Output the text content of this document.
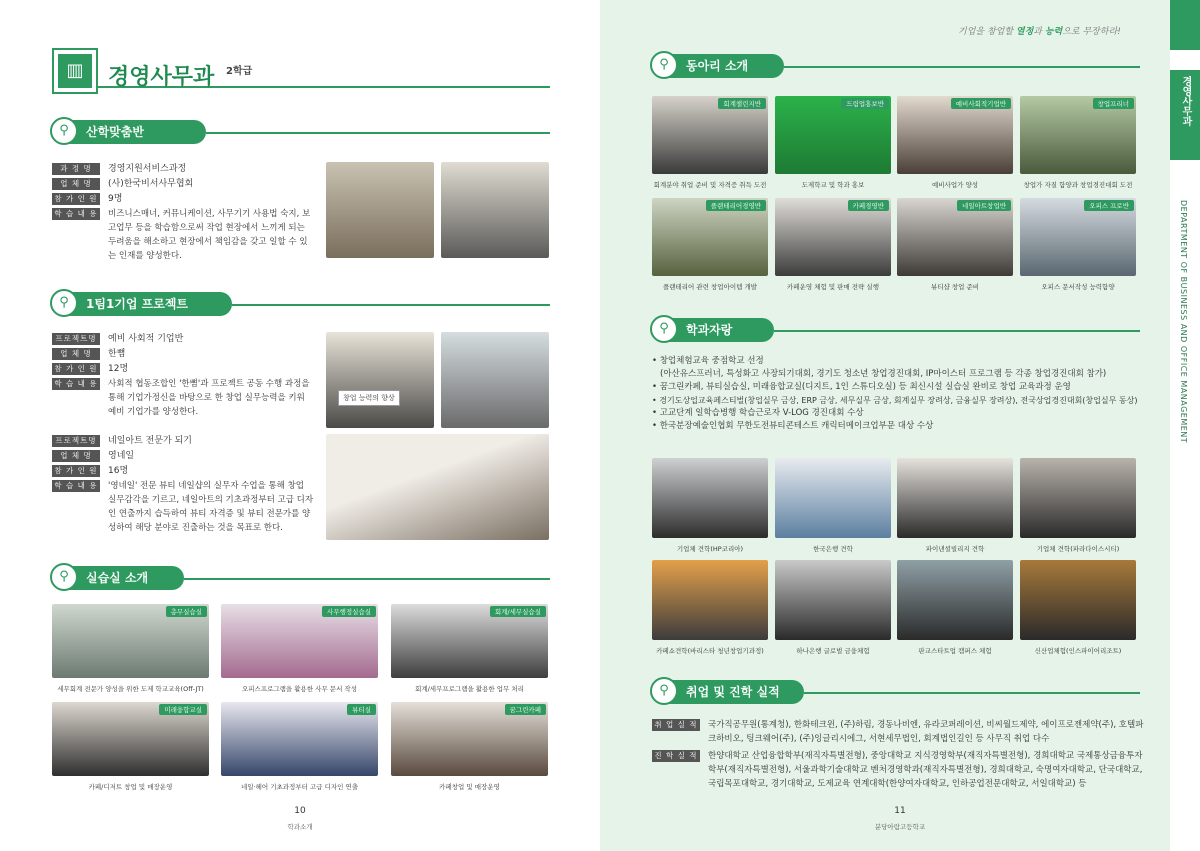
▥	경영사무과 2학급
⚲	산학맞춤반
과 정 명	경영지원서비스과정
업 체 명	(사)한국비서사무협회
참 가 인 원 9명
학 습 내 용 비즈니스매너, 커뮤니케이션, 사무기기 사용법 숙지, 보고업무 등을 학습함으로써 작업 현장에서 느끼게 되는 두려움을 해소하고 현장에서 책임감을 갖고 일할 수 있는 인재를 양성한다.
⚲	1팀1기업 프로젝트
프로젝트명	예비 사회적 기업반
업 체 명	한뼘
참 가 인 원 12명
학 습 내 용 사회적 협동조합인 '한뼘'과 프로젝트 공동 수행 과정을 통해 기업가정신을 바탕으로 한 창업 실무능력을 키워 예비 기업가를 양성한다.
프로젝트명	네일아트 전문가 되기
업 체 명	영네일
참 가 인 원 16명
학 습 내 용 '영네일' 전문 뷰티 네일샵의 실무자 수업을 통해 창업 실무감각을 기르고, 네일아트의 기초과정부터 고급 디자인 연출까지 습득하여 뷰티 자격증 및 뷰티 전문가를 양성하여 해당 분야로 진출하는 것을 목표로 한다.
창업 능력의 향상
⚲	실습실 소개
총무실습실	사무행정실습실	회계/세무실습실
세무회계 전문가 양성을 위한 도제 학교교육(Off-JT)	오피스프로그램을 활용한 사무 문서 작성	회계/세무프로그램을 활용한 업무 처리
미래융합교실	뷰티실	꿈그린카페
카페/디저트 창업 및 매장운영	네일·헤어 기초과정부터 고급 디자인 연출	카페창업 및 매장운영
10
학과소개
⚲	동아리 소개
회계챌린지반	드림업홍보반	예비사회적기업반	창업프리너
회계분야 취업 준비 및 자격증 취득 도전	도제학교 및 학과 홍보	예비사업가 양성	창업가 자질 함양과 창업경진대회 도전
플랜테리어경영반	카페경영반	네일아트창업반	오피스 프로반
플랜테리어 관련 창업아이템 개발	카페운영 체험 및 판매 전략 실행	뷰티샵 창업 준비	오피스 문서작성 능력함양
⚲	학과자랑
• 창업체험교육 중점학교 선정
(아산유스프러너, 특성화고 사장되기대회, 경기도 청소년 창업경진대회, IP마이스터 프로그램 등 각종 창업경진대회 참가)
• 꿈그린카페, 뷰티실습실, 미래융합교실(디지트, 1인 스튜디오실) 등 최신시설 실습실 완비로 창업 교육과정 운영
• 경기도상업교육페스티벌(창업실무 금상, ERP 금상, 세무실무 금상, 회계실무 장려상, 금융실무 장려상), 전국상업경진대회(창업실무 동상)
• 고교단계 일학습병행 학습근로자 V-LOG 경진대회 수상
• 한국분장예술인협회 무한도전뷰티콘테스트 캐릭터메이크업부문 대상 수상
기업체 견학(HP코리아)	한국은행 견학	파이낸셜빌리지 견학	기업체 견학(파라다이스시티)
카페쇼견학(바리스타 청년창업기과정)	하나은행 글로벌 금융체험	판교스타트업 캠퍼스 체험	신산업체험(인스파이어리조트)
⚲	취업 및 진학 실적
취 업 실 적 국가직공무원(통계청), 한화테크윈, (주)하림, 경동나비엔, 유라코퍼레이션, 비씨월드제약, 에이프로젠제약(주), 호텔파크하비오, 팅크웨어(주), (주)잉글리시에그, 서현세무법인, 회계법인길인 등 사무직 취업 다수
진 학 실 적 한양대학교 산업융합학부(재직자특별전형), 중앙대학교 지식경영학부(재직자특별전형), 경희대학교 국제통상금융투자학부(재직자특별전형), 서울과학기술대학교 벤처경영학과(재직자특별전형), 경희대학교, 숙명여자대학교, 단국대학교, 국립목포대학교, 경기대학교, 도제교육 연계대학(한양여자대학교, 인하공업전문대학교, 서일대학교) 등
11
분당아람고등학교
기업을 창업할 열정과 능력으로 무장하라!
경영사무과
DEPARTMENT OF BUSINESS AND OFFICE MANAGEMENT
